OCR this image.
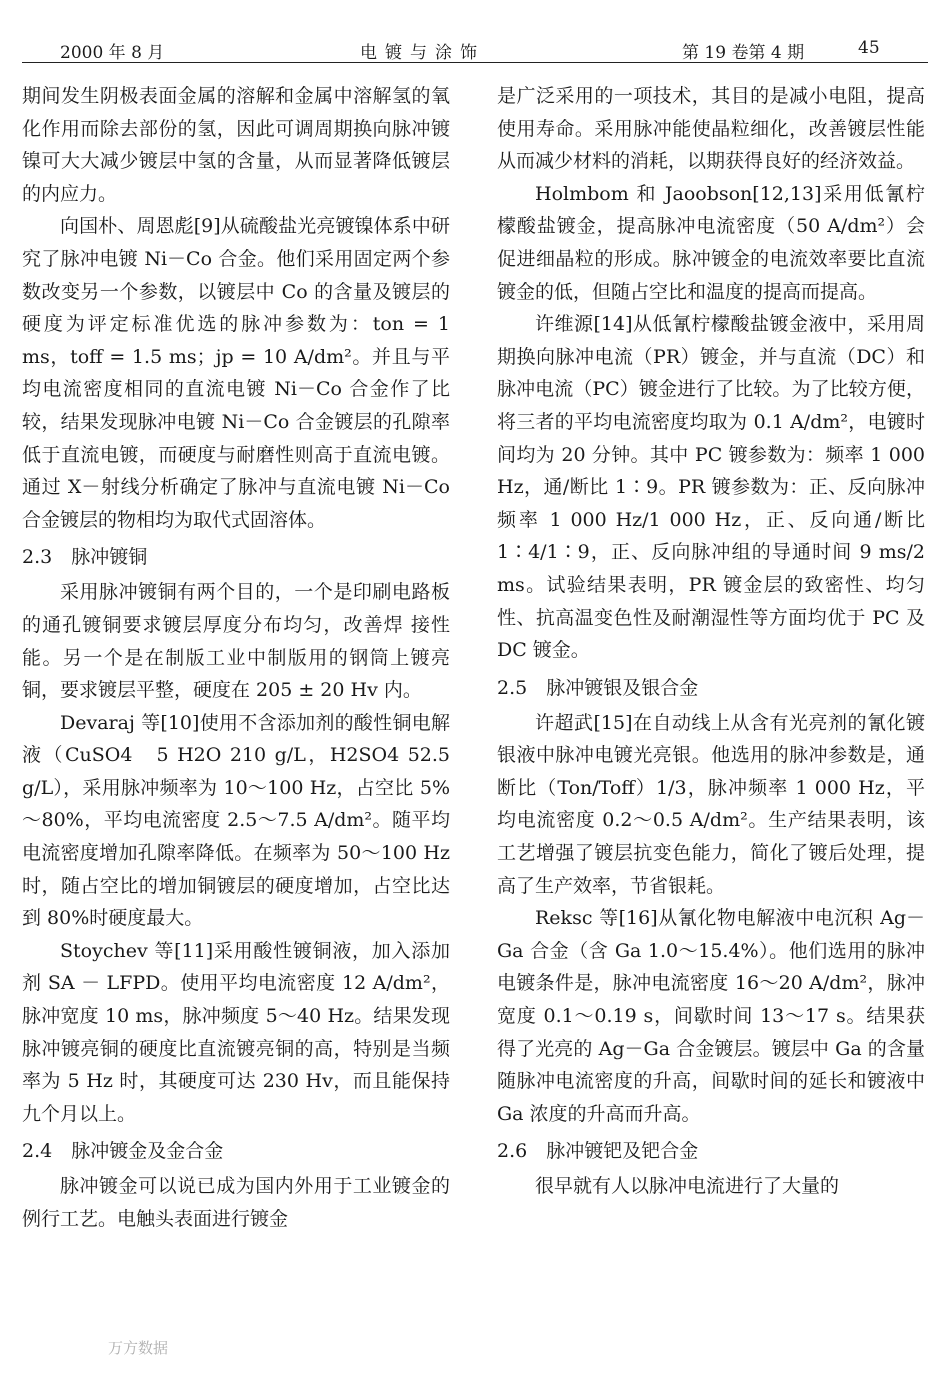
2000 年 8 月	电镀与涂饰	第 19 卷第 4 期	45

期间发生阴极表面金属的溶解和金属中溶解氢的氧化作用而除去部份的氢，因此可调周期换向脉冲镀镍可大大减少镀层中氢的含量，从而显著降低镀层的内应力。

向国朴、周恩彪[9]从硫酸盐光亮镀镍体系中研究了脉冲电镀 Ni－Co 合金。他们采用固定两个参数改变另一个参数，以镀层中 Co 的含量及镀层的硬度为评定标准优选的脉冲参数为：ton = 1 ms，toff = 1.5 ms；jp = 10 A/dm²。并且与平均电流密度相同的直流电镀 Ni－Co 合金作了比较，结果发现脉冲电镀 Ni－Co 合金镀层的孔隙率低于直流电镀，而硬度与耐磨性则高于直流电镀。通过 X－射线分析确定了脉冲与直流电镀 Ni－Co 合金镀层的物相均为取代式固溶体。

2.3　脉冲镀铜

采用脉冲镀铜有两个目的，一个是印刷电路板的通孔镀铜要求镀层厚度分布均匀，改善焊 接性能。另一个是在制版工业中制版用的钢筒上镀亮铜，要求镀层平整，硬度在 205 ± 20 Hv 内。

Devaraj 等[10]使用不含添加剂的酸性铜电解液（CuSO4　5 H2O 210 g/L，H2SO4 52.5 g/L），采用脉冲频率为 10～100 Hz，占空比 5%～80%，平均电流密度 2.5～7.5 A/dm²。随平均电流密度增加孔隙率降低。在频率为 50～100 Hz 时，随占空比的增加铜镀层的硬度增加，占空比达到 80%时硬度最大。

Stoychev 等[11]采用酸性镀铜液，加入添加剂 SA － LFPD。使用平均电流密度 12 A/dm²，脉冲宽度 10 ms，脉冲频度 5～40 Hz。结果发现脉冲镀亮铜的硬度比直流镀亮铜的高，特别是当频率为 5 Hz 时，其硬度可达 230 Hv，而且能保持九个月以上。

2.4　脉冲镀金及金合金

脉冲镀金可以说已成为国内外用于工业镀金的例行工艺。电触头表面进行镀金

是广泛采用的一项技术，其目的是减小电阻，提高使用寿命。采用脉冲能使晶粒细化，改善镀层性能从而减少材料的消耗，以期获得良好的经济效益。

Holmbom 和 Jaoobson[12,13]采用低氰柠檬酸盐镀金，提高脉冲电流密度（50 A/dm²）会促进细晶粒的形成。脉冲镀金的电流效率要比直流镀金的低，但随占空比和温度的提高而提高。

许维源[14]从低氰柠檬酸盐镀金液中，采用周期换向脉冲电流（PR）镀金，并与直流（DC）和脉冲电流（PC）镀金进行了比较。为了比较方便，将三者的平均电流密度均取为 0.1 A/dm²，电镀时间均为 20 分钟。其中 PC 镀参数为：频率 1 000 Hz，通/断比 1∶9。PR 镀参数为：正、反向脉冲频率 1 000 Hz/1 000 Hz，正、反向通/断比 1∶4/1∶9，正、反向脉冲组的导通时间 9 ms/2 ms。试验结果表明，PR 镀金层的致密性、均匀性、抗高温变色性及耐潮湿性等方面均优于 PC 及 DC 镀金。

2.5　脉冲镀银及银合金

许超武[15]在自动线上从含有光亮剂的氰化镀银液中脉冲电镀光亮银。他选用的脉冲参数是，通断比（Ton/Toff）1/3，脉冲频率 1 000 Hz，平均电流密度 0.2～0.5 A/dm²。生产结果表明，该工艺增强了镀层抗变色能力，简化了镀后处理，提高了生产效率，节省银耗。

Reksc 等[16]从氰化物电解液中电沉积 Ag－Ga 合金（含 Ga 1.0～15.4%）。他们选用的脉冲电镀条件是，脉冲电流密度 16～20 A/dm²，脉冲宽度 0.1～0.19 s，间歇时间 13～17 s。结果获得了光亮的 Ag－Ga 合金镀层。镀层中 Ga 的含量随脉冲电流密度的升高，间歇时间的延长和镀液中 Ga 浓度的升高而升高。

2.6　脉冲镀钯及钯合金

很早就有人以脉冲电流进行了大量的

万方数据
